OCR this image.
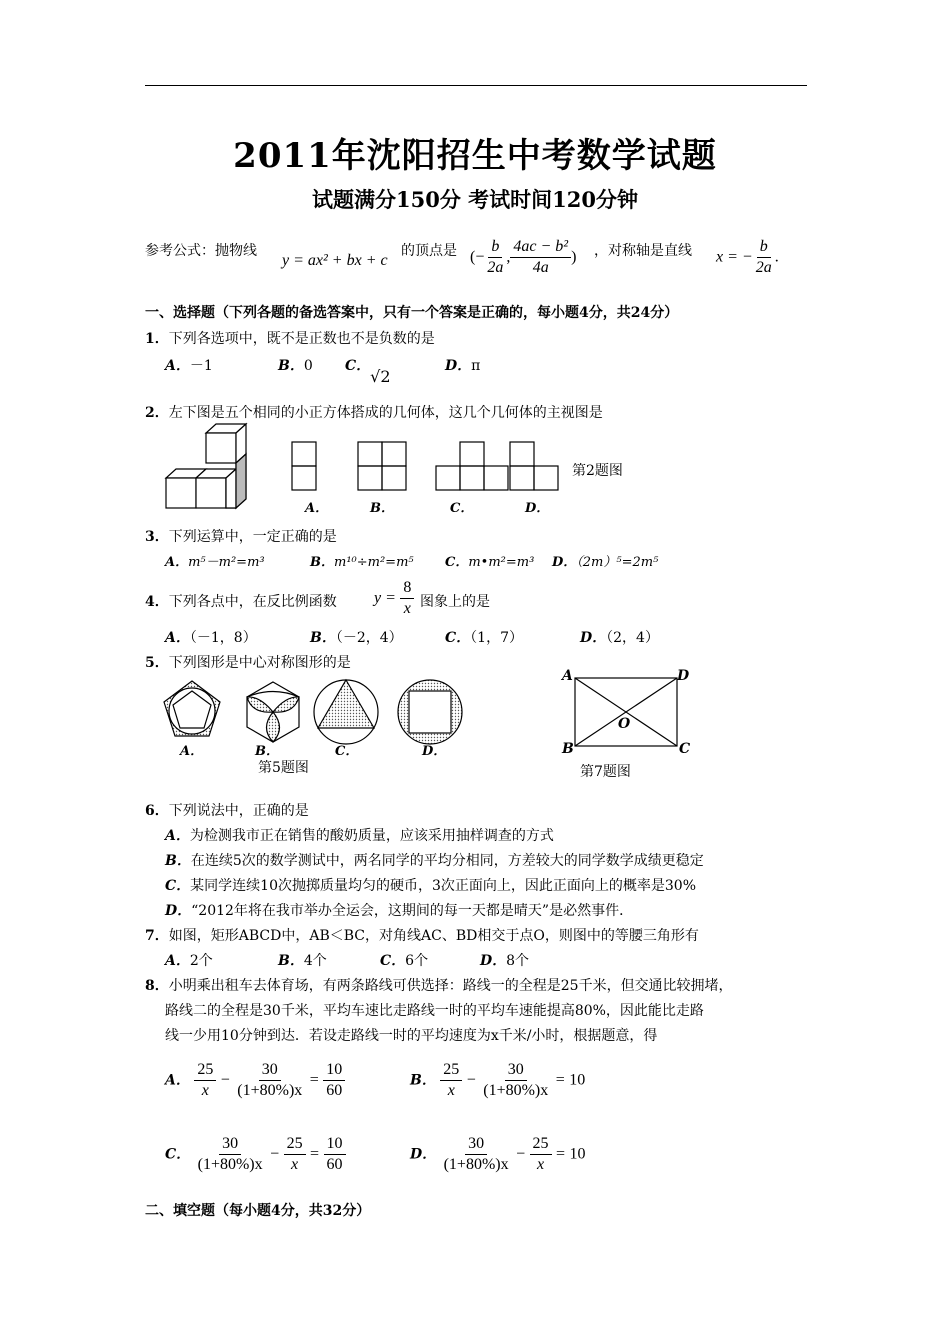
2011年沈阳招生中考数学试题
试题满分150分 考试时间120分钟
参考公式：抛物线
y = ax² + bx + c
的顶点是 (− $\frac{b}{2a}$ , $\frac{\text{4ac − b²}}{4a}$ ) ，对称轴是直线 x = − $\frac{b}{2a}$ .
一、选择题（下列各题的备选答案中，只有一个答案是正确的，每小题4分，共24分）
1．下列各选项中，既不是正数也不是负数的是
A．－1	B．0 C．√2
D．π
2．左下图是五个相同的小正方体搭成的几何体，这几个几何体的主视图是
第2题图
A．	B．	C．	D．
3．下列运算中，一定正确的是
A．m⁵－m²=m³	B．m¹⁰÷m²=m⁵ C．m•m²=m³ D．（2m）⁵=2m⁵
4．下列各点中，在反比例函数 $y = \frac{8}{x}$ 图象上的是
A．（－1，8）	B．（－2，4）	C．（1，7）	D．（2，4）
5．下列图形是中心对称图形的是
A．	B．	C．	D．
第5题图
A	D
B	C
O
第7题图
6．下列说法中，正确的是
A．为检测我市正在销售的酸奶质量，应该采用抽样调查的方式
B．在连续5次的数学测试中，两名同学的平均分相同，方差较大的同学数学成绩更稳定
C．某同学连续10次抛掷质量均匀的硬币，3次正面向上，因此正面向上的概率是30%
D．“2012年将在我市举办全运会，这期间的每一天都是晴天”是必然事件．
7．如图，矩形ABCD中，AB＜BC，对角线AC、BD相交于点O，则图中的等腰三角形有
A．2个	B．4个	C．6个	D．8个
8．小明乘出租车去体育场，有两条路线可供选择：路线一的全程是25千米，但交通比较拥堵，
路线二的全程是30千米，平均车速比走路线一时的平均车速能提高80%，因此能比走路
线一少用10分钟到达．若设走路线一时的平均速度为x千米/小时，根据题意，得
A． $\frac{25}{x} - \frac{30}{(1+80\%)x} = \frac{10}{60}$	B． $\frac{25}{x} - \frac{30}{(1+80\%)x} = 10$
C． $\frac{30}{(1+80\%)x} - \frac{25}{x} = \frac{10}{60}$	D． $\frac{30}{(1+80\%)x} - \frac{25}{x} = 10$
二、填空题（每小题4分，共32分）
